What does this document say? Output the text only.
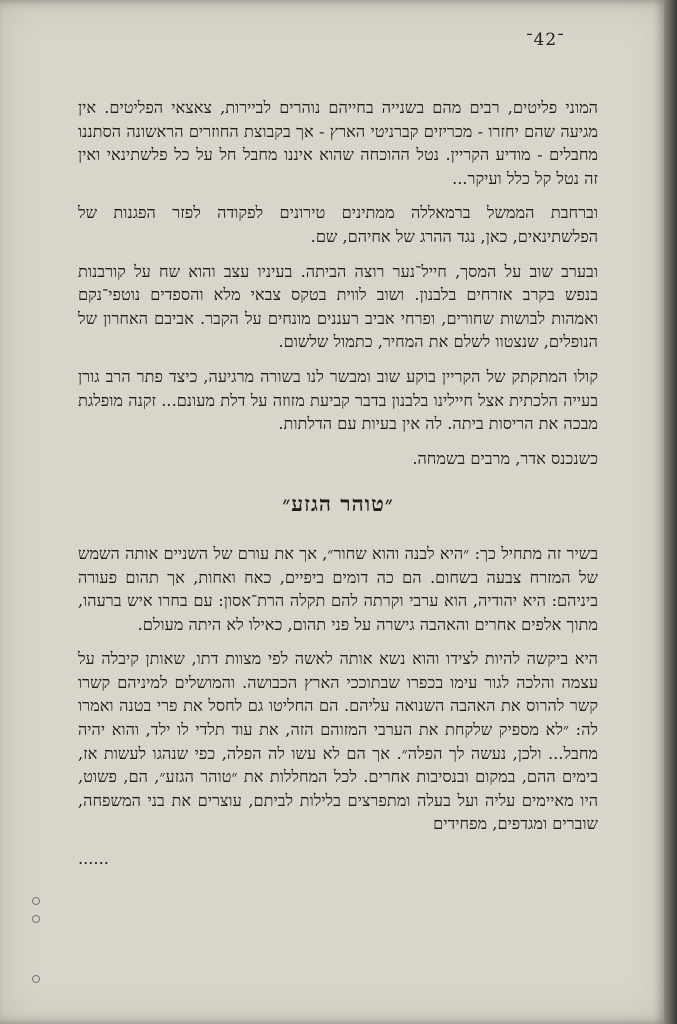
־42־

המוני פליטים, רבים מהם בשנייה בחייהם נוהרים לביירות, צאצאי הפליטים. אין מגיעה שהם יחזרו - מכריזים קברניטי הארץ - אך בקבוצת החוזרים הראשונה הסתננו מחבלים - מודיע הקריין. נטל ההוכחה שהוא איננו מחבל חל על כל פלשתינאי ואין זה נטל קל כלל ועיקר...

וברחבת הממשל ברמאללה ממתינים טירונים לפקודה לפזר הפגנות של הפלשתינאים, כאן, נגד ההרג של אחיהם, שם.

ובערב שוב על המסך, חייל־נער רוצה הביתה. בעיניו עצב והוא שח על קורבנות בנפש בקרב אזרחים בלבנון. ושוב לווית בטקס צבאי מלא והספדים נוטפי־נקם ואמהות לבושות שחורים, ופרחי אביב רעננים מונחים על הקבר. אביבם האחרון של הנופלים, שנצטוו לשלם את המחיר, כתמול שלשום.

קולו המתקתק של הקריין בוקע שוב ומבשר לנו בשורה מרגיעה, כיצד פתר הרב גורן בעייה הלכתית אצל חיילינו בלבנון בדבר קביעת מזוזה על דלת מעונם... זקנה מופלגת מבכה את הריסות ביתה. לה אין בעיות עם הדלתות.

כשנכנס אדר, מרבים בשמחה.

״טוהר הגזע״

בשיר זה מתחיל כך: ״היא לבנה והוא שחור״, אך את עורם של השניים אותה השמש של המזרח צבעה בשחום. הם כה דומים ביפיים, כאח ואחות, אך תהום פעורה ביניהם: היא יהודיה, הוא ערבי וקרתה להם תקלה הרת־אסון: עם בחרו איש ברעהו, מתוך אלפים אחרים והאהבה גישרה על פני תהום, כאילו לא היתה מעולם.

היא ביקשה להיות לצידו והוא נשא אותה לאשה לפי מצוות דתו, שאותן קיבלה על עצמה והלכה לגור עימו בכפרו שבתוככי הארץ הכבושה. והמושלים למיניהם קשרו קשר להרוס את האהבה השנואה עליהם. הם החליטו גם לחסל את פרי בטנה ואמרו לה: ״לא מספיק שלקחת את הערבי המזוהם הזה, את עוד תלדי לו ילד, והוא יהיה מחבל... ולכן, נעשה לך הפלה״. אך הם לא עשו לה הפלה, כפי שנהגו לעשות אז, בימים ההם, במקום ובנסיבות אחרים. לכל המחללות את ״טוהר הגזע״, הם, פשוט, היו מאיימים עליה ועל בעלה ומתפרצים בלילות לביתם, עוצרים את בני המשפחה, שוברים ומגדפים, מפחידים

......
